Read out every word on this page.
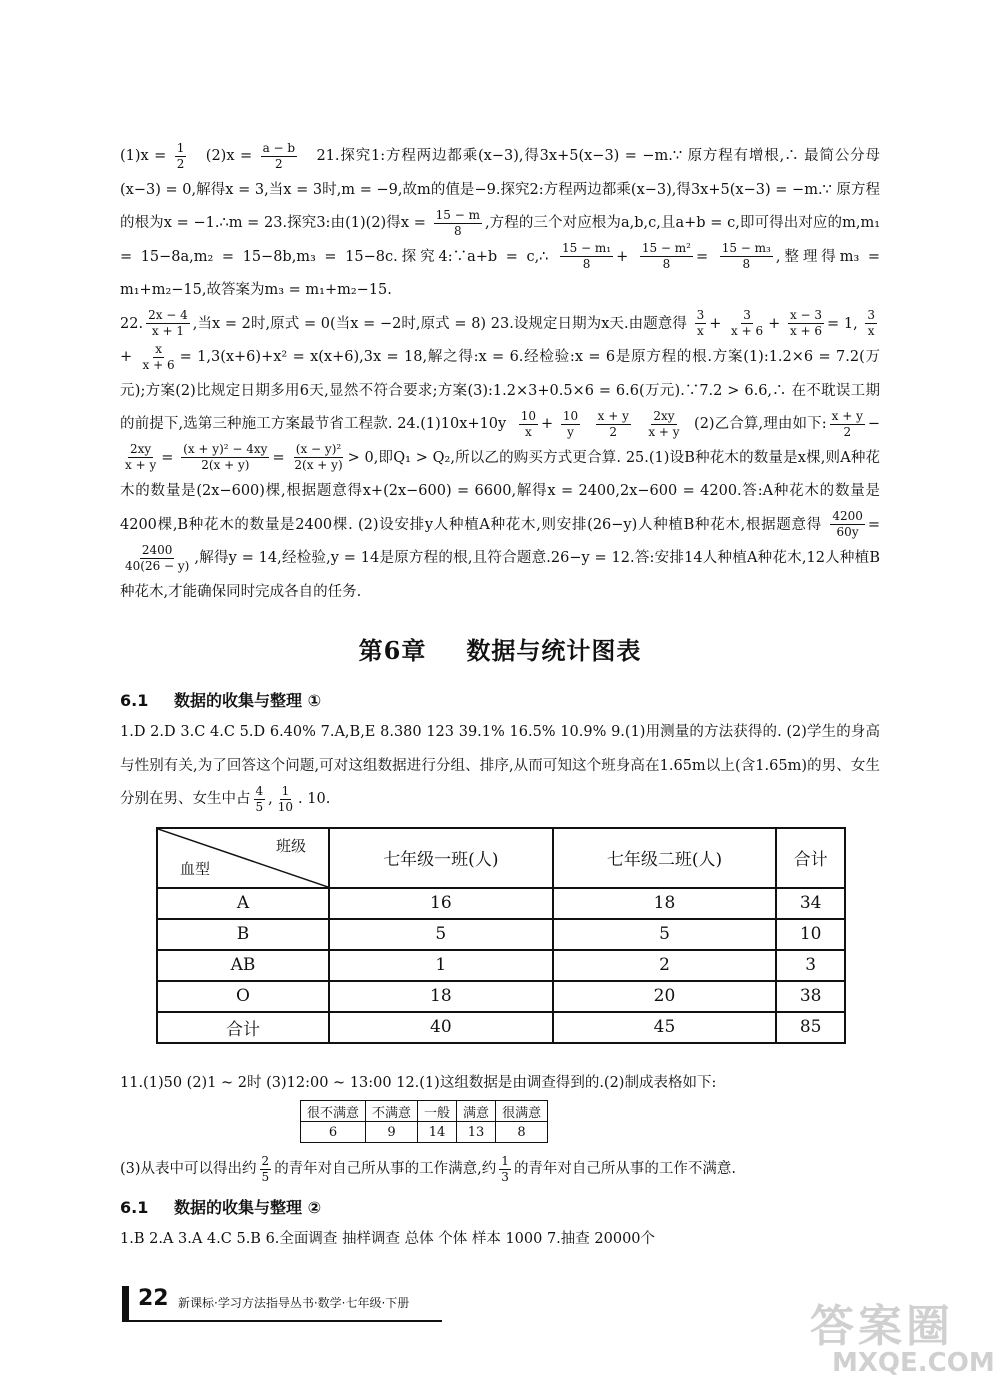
$(1)x = \frac{1}{2} (2)x = \frac{a - b}{2} 21$.探究1:方程两边都乘(x−3),得3x+5(x−3) = −m.∵ 原方程有增根,∴ 最简公分母(x−3) = 0,解得x = 3,当x = 3时,m = −9,故m的值是−9.探究2:方程两边都乘(x−3),得3x+5(x−3) = −m.∵ 原方程的根为x = −1.∴m = 23.探究3:由(1)(2)得$x = \frac{15 - m}{8}$ ,方程的三个对应根为a,b,c,且a+b = c,即可得出对应的m,m₁ = 15−8a,m₂ = 15−8b,m₃ = 15−8c.探究4:∵a+b = c,∴ $\frac{\text{15 − m₁}}{8} + \frac{\text{15 − m²}}{8} = \frac{\text{15 − m₃}}{8}$ ,整理得m₃ = m₁+m₂−15,故答案为m₃ = m₁+m₂−15.

22. $\frac{2x - 4}{x + 1}$ ,当x = 2时,原式 = 0(当x = −2时,原式 = 8) 23.设规定日期为x天.由题意得 $\frac{3}{x} + \frac{3}{x + 6} + \frac{x - 3}{x + 6} = 1$, $\frac{3}{x}$
+ $\frac{x}{x + 6} = 1,3(x+6)+x^2 = x(x+6),3x = 18$,解之得:x = 6.经检验:x = 6是原方程的根.方案(1):1.2×6 = 7.2(万元);方案(2)比规定日期多用6天,显然不符合要求;方案(3):1.2×3+0.5×6 = 6.6(万元).∵7.2 > 6.6,∴ 在不耽误工期的前提下,选第三种施工方案最节省工程款. $24.(1)10x+10y \frac{10}{x} + \frac{10}{y}$
$\frac{x + y}{2}$
$\frac{2xy}{x + y} (2)$乙合算,理由如下: $\frac{x + y}{2}$ −
$\frac{2xy}{x + y} = \frac{\text{(x + y)² − 4xy}}{2(x + y)} = \frac{\text{(x − y)²}}{2(x + y)} > 0$,即Q₁ > Q₂,所以乙的购买方式更合算. 25.(1)设B种花木的数量是x棵,则A种花木的数量是(2x−600)棵,根据题意得x+(2x−600) = 6600,解得x = 2400,2x−600 = 4200.答:A种花木的数量是4200棵,B种花木的数量是2400棵. (2)设安排y人种植A种花木,则安排(26−y)人种植B种花木,根据题意得 $\frac{4200}{60y}$ =
$\frac{2400}{40(26 - y)}$ ,解得y = 14,经检验,y = 14是原方程的根,且符合题意.26−y = 12.答:安排14人种植A种花木,12人种植B种花木,才能确保同时完成各自的任务.

第6章 数据与统计图表
6.1 数据的收集与整理 ①

1.D 2.D 3.C 4.C 5.D 6.40% 7.A,B,E 8.380 123 39.1% 16.5% 10.9% 9.(1)用测量的方法获得的. (2)学生的身高与性别有关,为了回答这个问题,可对这组数据进行分组、排序,从而可知这个班身高在1.65m以上(含1.65m)的男、女生分别在男、女生中占 $\frac{4}{5}$ , $\frac{1}{10}$ . 10.

班级
血型	七年级一班(人)	七年级二班(人)	合计
A	16	18	34
B	5	5	10
AB	1	2	3
O	18	20	38
合计	40	45	85

11.(1)50 (2)1 ~ 2时 (3)12:00 ~ 13:00 12.(1)这组数据是由调查得到的.(2)制成表格如下:

很不满意	不满意	一般	满意	很满意
6	9	14	13	8

(3)从表中可以得出约 $\frac{2}{5}$ 的青年对自己所从事的工作满意,约 $\frac{1}{3}$ 的青年对自己所从事的工作不满意.

6.1 数据的收集与整理 ②

1.B 2.A 3.A 4.C 5.B 6.全面调查 抽样调查 总体 个体 样本 1000 7.抽查 20000个

22 新课标·学习方法指导丛书·数学·七年级·下册	答案圈
MXQE.COM
